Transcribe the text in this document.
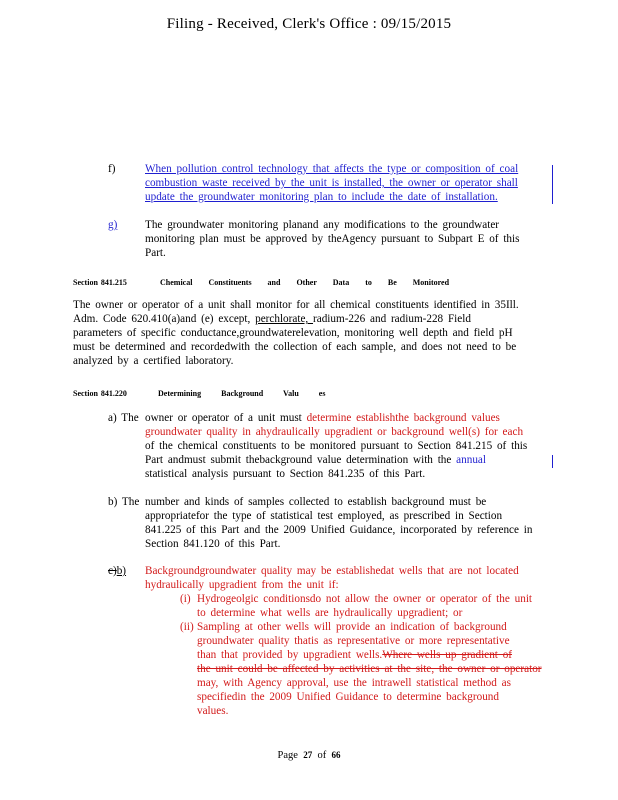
Filing - Received, Clerk's Office : 09/15/2015
f)	When pollution control technology that affects the type or composition of coal
combustion waste received by the unit is installed, the owner or operator shall
update the groundwater monitoring plan to include the date of installation.
g) The groundwater monitoring planand any modifications to the groundwater
monitoring plan must be approved by theAgency pursuant to Subpart E of this
Part.
Section 841.215	Chemical Constituents and Other Data to Be Monitored
The owner or operator of a unit shall monitor for all chemical constituents identified in 35Ill.
Adm. Code 620.410(a)and (e) except, perchlorate, radium-226 and radium-228 Field
parameters of specific conductance,groundwaterelevation, monitoring well depth and field pH
must be determined and recordedwith the collection of each sample, and does not need to be
analyzed by a certified laboratory.
Section 841.220	Determining Background Valu es
a) The owner or operator of a unit must determine establishthe background values
groundwater quality in ahydraulically upgradient or background well(s) for each
of the chemical constituents to be monitored pursuant to Section 841.215 of this
Part andmust submit thebackground value determination with the annual
statistical analysis pursuant to Section 841.235 of this Part.
b) The number and kinds of samples collected to establish background must be
appropriatefor the type of statistical test employed, as prescribed in Section
841.225 of this Part and the 2009 Unified Guidance, incorporated by reference in
Section 841.120 of this Part.
c)b) Backgroundgroundwater quality may be establishedat wells that are not located
hydraulically upgradient from the unit if:
(i) Hydrogeolgic conditionsdo not allow the owner or operator of the unit
to determine what wells are hydraulically upgradient; or
(ii) Sampling at other wells will provide an indication of background
groundwater quality thatis as representative or more representative
than that provided by upgradient wells.Where wells up gradient of
the unit could be affected by activities at the site, the owner or operator
may, with Agency approval, use the intrawell statistical method as
specifiedin the 2009 Unified Guidance to determine background
values.
Page 27 of 66
